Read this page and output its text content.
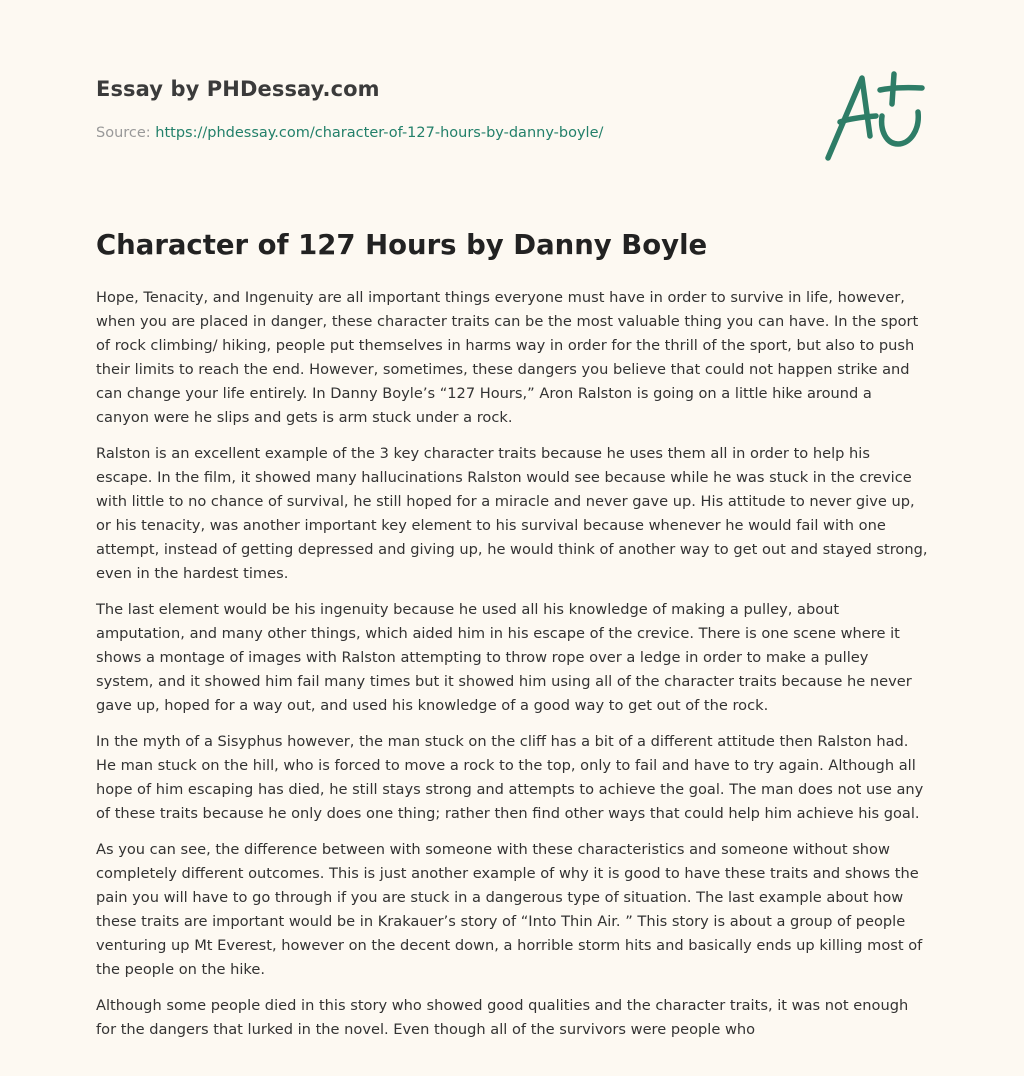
Essay by PHDessay.com
Source: https://phdessay.com/character-of-127-hours-by-danny-boyle/
Character of 127 Hours by Danny Boyle

Hope, Tenacity, and Ingenuity are all important things everyone must have in order to survive in life, however, when you are placed in danger, these character traits can be the most valuable thing you can have. In the sport of rock climbing/ hiking, people put themselves in harms way in order for the thrill of the sport, but also to push their limits to reach the end. However, sometimes, these dangers you believe that could not happen strike and can change your life entirely. In Danny Boyle’s “127 Hours,” Aron Ralston is going on a little hike around a canyon were he slips and gets is arm stuck under a rock.

Ralston is an excellent example of the 3 key character traits because he uses them all in order to help his escape. In the film, it showed many hallucinations Ralston would see because while he was stuck in the crevice with little to no chance of survival, he still hoped for a miracle and never gave up. His attitude to never give up, or his tenacity, was another important key element to his survival because whenever he would fail with one attempt, instead of getting depressed and giving up, he would think of another way to get out and stayed strong, even in the hardest times.

The last element would be his ingenuity because he used all his knowledge of making a pulley, about amputation, and many other things, which aided him in his escape of the crevice. There is one scene where it shows a montage of images with Ralston attempting to throw rope over a ledge in order to make a pulley system, and it showed him fail many times but it showed him using all of the character traits because he never gave up, hoped for a way out, and used his knowledge of a good way to get out of the rock.

In the myth of a Sisyphus however, the man stuck on the cliff has a bit of a different attitude then Ralston had. He man stuck on the hill, who is forced to move a rock to the top, only to fail and have to try again. Although all hope of him escaping has died, he still stays strong and attempts to achieve the goal. The man does not use any of these traits because he only does one thing; rather then find other ways that could help him achieve his goal.

As you can see, the difference between with someone with these characteristics and someone without show completely different outcomes. This is just another example of why it is good to have these traits and shows the pain you will have to go through if you are stuck in a dangerous type of situation. The last example about how these traits are important would be in Krakauer’s story of “Into Thin Air. ” This story is about a group of people venturing up Mt Everest, however on the decent down, a horrible storm hits and basically ends up killing most of the people on the hike.

Although some people died in this story who showed good qualities and the character traits, it was not enough for the dangers that lurked in the novel. Even though all of the survivors were people who
